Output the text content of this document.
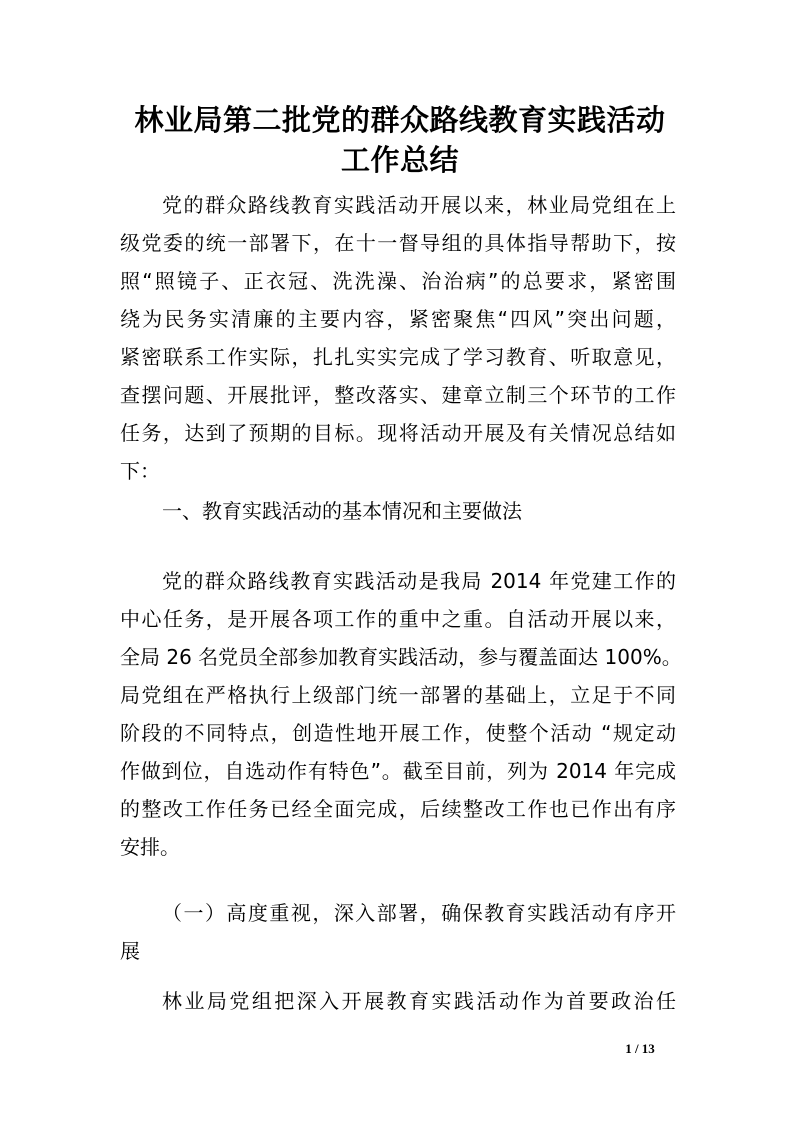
林业局第二批党的群众路线教育实践活动
工作总结
党的群众路线教育实践活动开展以来，林业局党组在上
级党委的统一部署下，在十一督导组的具体指导帮助下，按
照“照镜子、正衣冠、洗洗澡、治治病”的总要求，紧密围
绕为民务实清廉的主要内容，紧密聚焦“四风”突出问题，
紧密联系工作实际，扎扎实实完成了学习教育、听取意见，
查摆问题、开展批评，整改落实、建章立制三个环节的工作
任务，达到了预期的目标。现将活动开展及有关情况总结如
下：
一、教育实践活动的基本情况和主要做法
党的群众路线教育实践活动是我局 2014 年党建工作的
中心任务，是开展各项工作的重中之重。自活动开展以来，
全局 26 名党员全部参加教育实践活动，参与覆盖面达 100%。
局党组在严格执行上级部门统一部署的基础上，立足于不同
阶段的不同特点，创造性地开展工作，使整个活动 “规定动
作做到位，自选动作有特色”。截至目前，列为 2014 年完成
的整改工作任务已经全面完成，后续整改工作也已作出有序
安排。
（一）高度重视，深入部署，确保教育实践活动有序开
展
林业局党组把深入开展教育实践活动作为首要政治任
1 / 13
